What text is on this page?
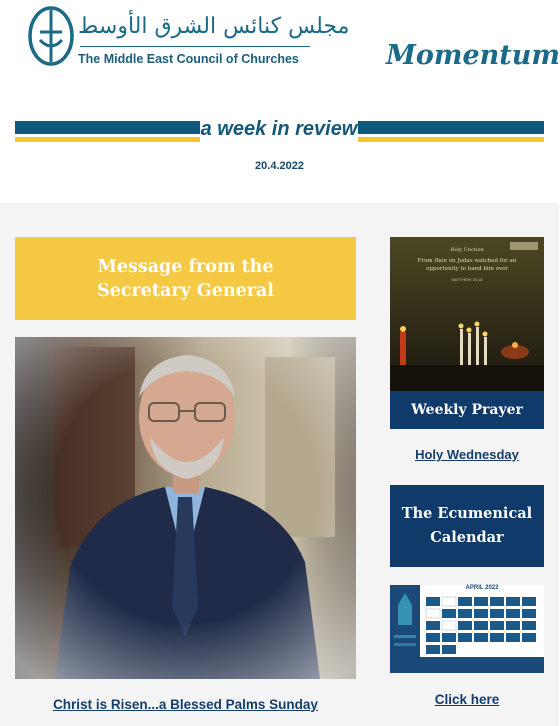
مجلس كنائس الشرق الأوسط
The Middle East Council of Churches	Momentum
a week in review
20.4.2022
Message from the Secretary General
Christ is Risen...a Blessed Palms Sunday
Holy Unction
From then on Judas watched for an opportunity to hand him over
MATTHEW 26:16
Weekly Prayer
Holy Wednesday
The Ecumenical Calendar
APRIL 2022
Click here
